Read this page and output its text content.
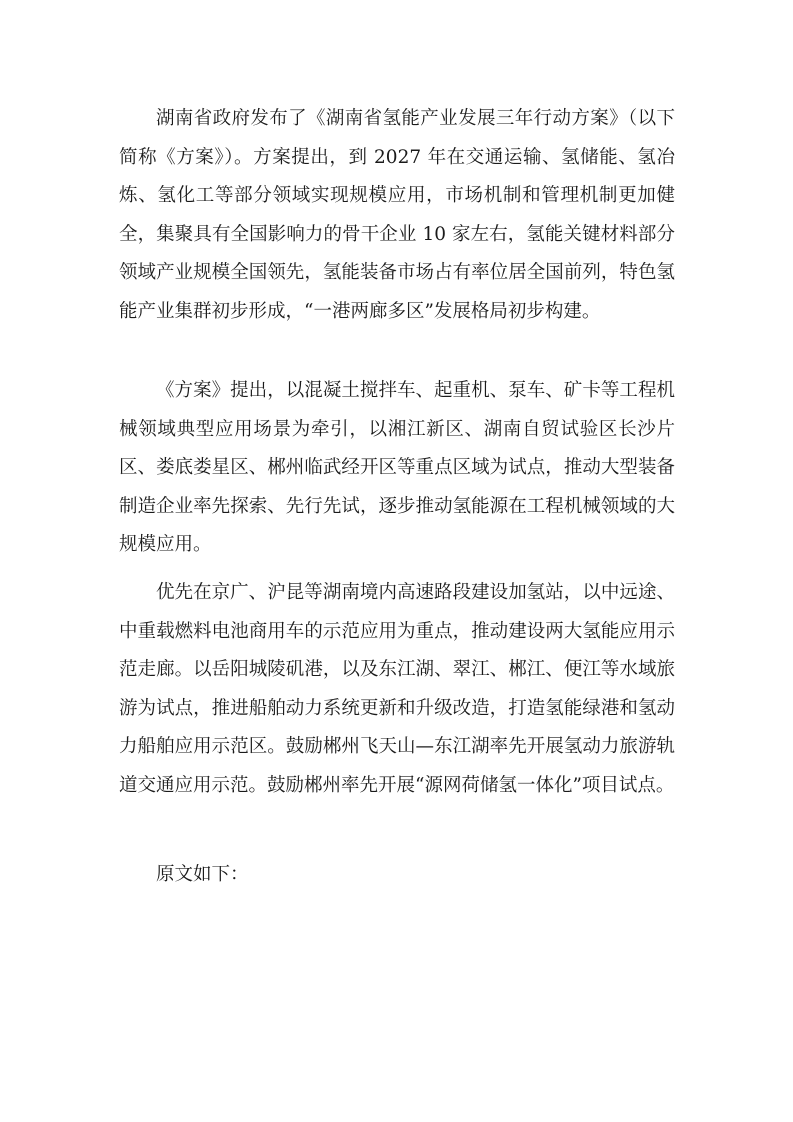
湖南省政府发布了《湖南省氢能产业发展三年行动方案》（以下简称《方案》）。方案提出，到 2027 年在交通运输、氢储能、氢冶炼、氢化工等部分领域实现规模应用，市场机制和管理机制更加健全，集聚具有全国影响力的骨干企业 10 家左右，氢能关键材料部分领域产业规模全国领先，氢能装备市场占有率位居全国前列，特色氢能产业集群初步形成，“一港两廊多区”发展格局初步构建。

《方案》提出，以混凝土搅拌车、起重机、泵车、矿卡等工程机械领域典型应用场景为牵引，以湘江新区、湖南自贸试验区长沙片区、娄底娄星区、郴州临武经开区等重点区域为试点，推动大型装备制造企业率先探索、先行先试，逐步推动氢能源在工程机械领域的大规模应用。

优先在京广、沪昆等湖南境内高速路段建设加氢站，以中远途、中重载燃料电池商用车的示范应用为重点，推动建设两大氢能应用示范走廊。以岳阳城陵矶港，以及东江湖、翠江、郴江、便江等水域旅游为试点，推进船舶动力系统更新和升级改造，打造氢能绿港和氢动力船舶应用示范区。鼓励郴州飞天山—东江湖率先开展氢动力旅游轨道交通应用示范。鼓励郴州率先开展“源网荷储氢一体化”项目试点。

原文如下：
